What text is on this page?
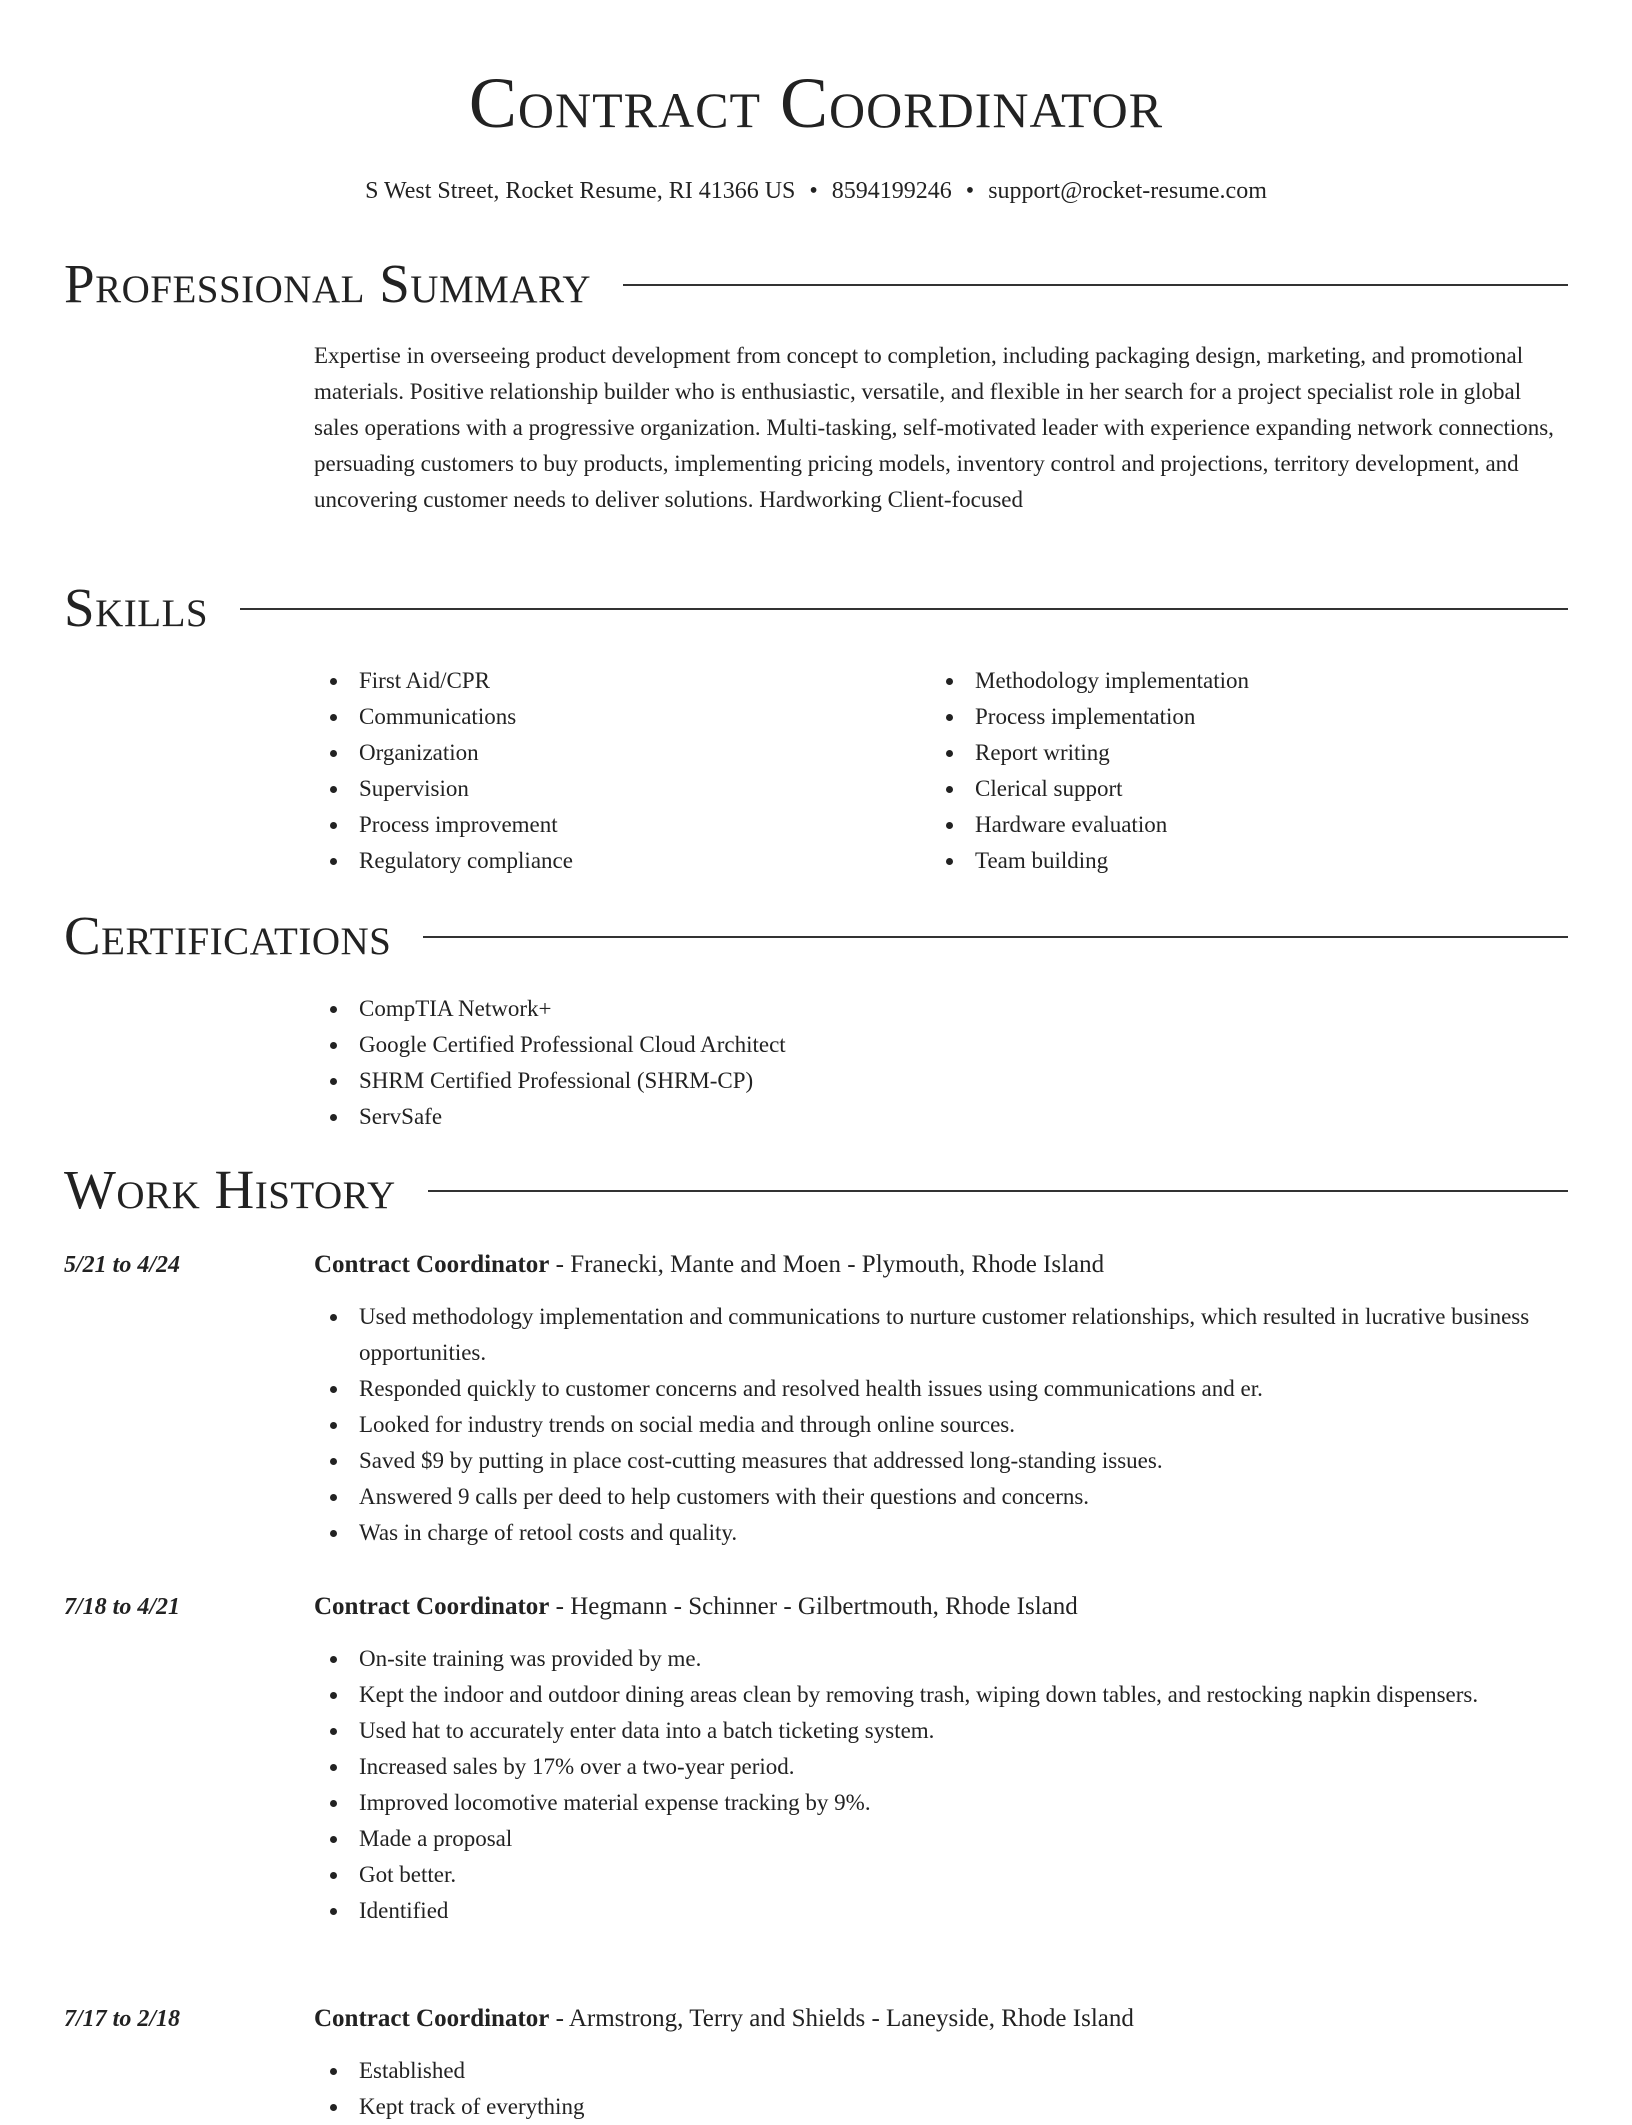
Contract Coordinator
S West Street, Rocket Resume, RI 41366 US • 8594199246 • support@rocket-resume.com
Professional Summary
Expertise in overseeing product development from concept to completion, including packaging design, marketing, and promotional materials. Positive relationship builder who is enthusiastic, versatile, and flexible in her search for a project specialist role in global sales operations with a progressive organization. Multi-tasking, self-motivated leader with experience expanding network connections, persuading customers to buy products, implementing pricing models, inventory control and projections, territory development, and uncovering customer needs to deliver solutions. Hardworking Client-focused
Skills
First Aid/CPR
Communications
Organization
Supervision
Process improvement
Regulatory compliance
Methodology implementation
Process implementation
Report writing
Clerical support
Hardware evaluation
Team building
Certifications
CompTIA Network+
Google Certified Professional Cloud Architect
SHRM Certified Professional (SHRM-CP)
ServSafe
Work History
5/21 to 4/24	Contract Coordinator - Franecki, Mante and Moen - Plymouth, Rhode Island
Used methodology implementation and communications to nurture customer relationships, which resulted in lucrative business opportunities.
Responded quickly to customer concerns and resolved health issues using communications and er.
Looked for industry trends on social media and through online sources.
Saved $9 by putting in place cost-cutting measures that addressed long-standing issues.
Answered 9 calls per deed to help customers with their questions and concerns.
Was in charge of retool costs and quality.
7/18 to 4/21	Contract Coordinator - Hegmann - Schinner - Gilbertmouth, Rhode Island
On-site training was provided by me.
Kept the indoor and outdoor dining areas clean by removing trash, wiping down tables, and restocking napkin dispensers.
Used hat to accurately enter data into a batch ticketing system.
Increased sales by 17% over a two-year period.
Improved locomotive material expense tracking by 9%.
Made a proposal
Got better.
Identified
7/17 to 2/18	Contract Coordinator - Armstrong, Terry and Shields - Laneyside, Rhode Island
Established
Kept track of everything
